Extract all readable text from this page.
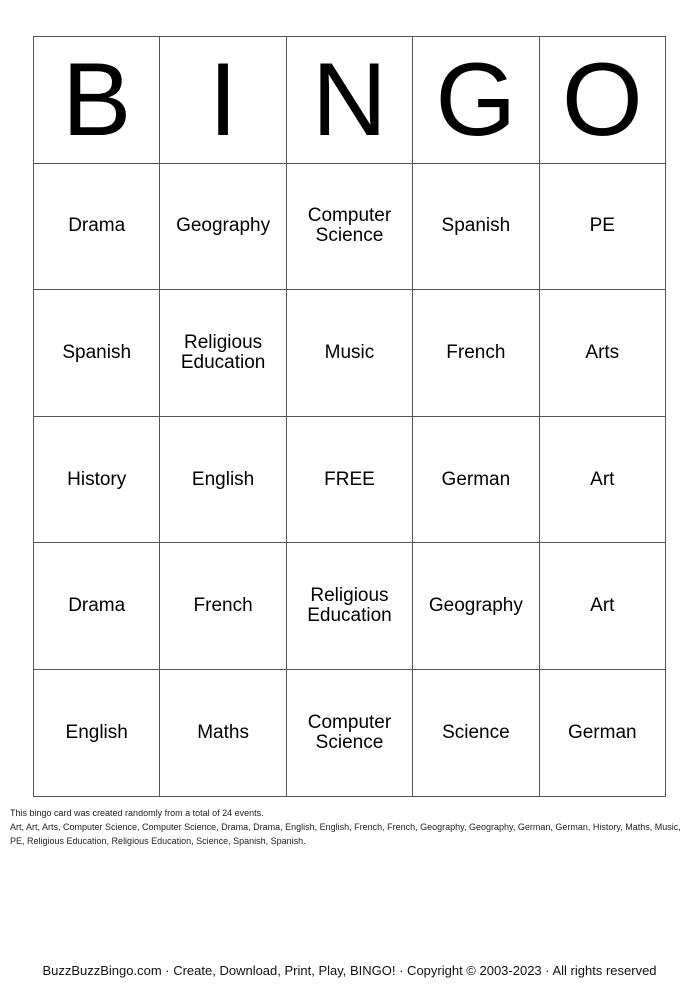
B	I	N	G	O
Drama	Geography	Computer Science	Spanish	PE
Spanish	Religious Education	Music	French	Arts
History	English	FREE	German	Art
Drama	French	Religious Education	Geography	Art
English	Maths	Computer Science	Science	German
This bingo card was created randomly from a total of 24 events.
Art, Art, Arts, Computer Science, Computer Science, Drama, Drama, English, English, French, French, Geography, Geography, German, German, History, Maths, Music, PE, Religious Education, Religious Education, Science, Spanish, Spanish.
BuzzBuzzBingo.com · Create, Download, Print, Play, BINGO! · Copyright © 2003-2023 · All rights reserved
